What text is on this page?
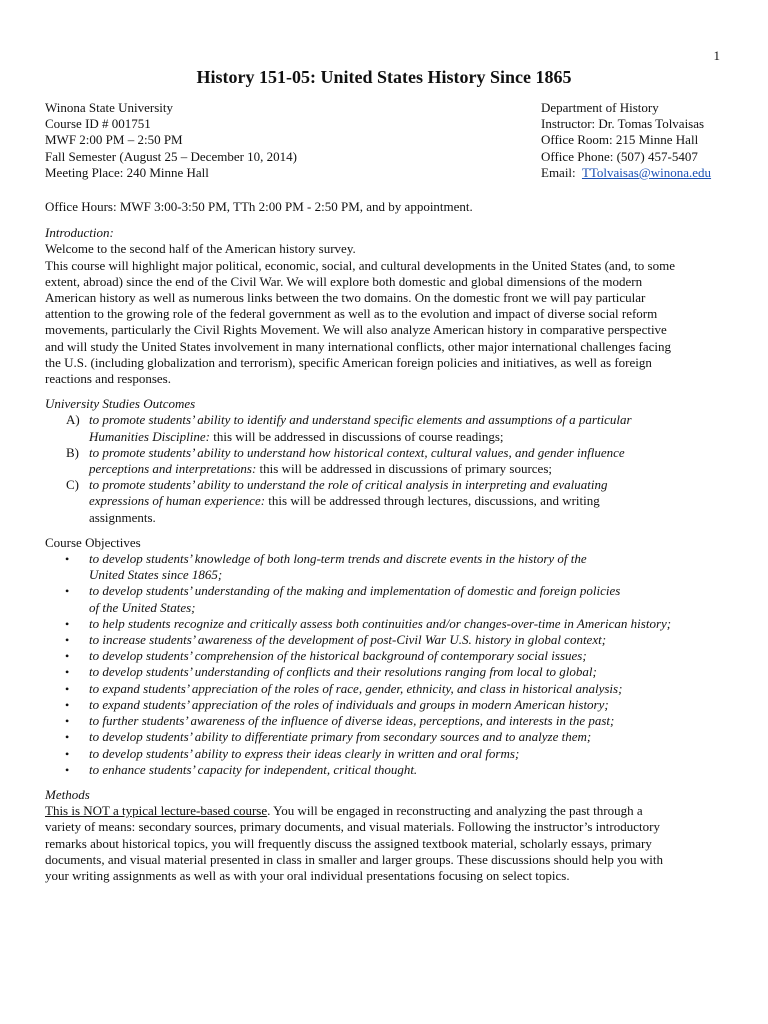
1
History 151-05: United States History Since 1865
Winona State University
Course ID # 001751
MWF 2:00 PM – 2:50 PM
Fall Semester (August 25 – December 10, 2014)
Meeting Place: 240 Minne Hall
Department of History
Instructor: Dr. Tomas Tolvaisas
Office Room: 215 Minne Hall
Office Phone: (507) 457-5407
Email: TTolvaisas@winona.edu

Office Hours: MWF 3:00-3:50 PM, TTh 2:00 PM - 2:50 PM, and by appointment.

Introduction:
Welcome to the second half of the American history survey.
This course will highlight major political, economic, social, and cultural developments in the United States (and, to some
extent, abroad) since the end of the Civil War. We will explore both domestic and global dimensions of the modern
American history as well as numerous links between the two domains. On the domestic front we will pay particular
attention to the growing role of the federal government as well as to the evolution and impact of diverse social reform
movements, particularly the Civil Rights Movement. We will also analyze American history in comparative perspective
and will study the United States involvement in many international conflicts, other major international challenges facing
the U.S. (including globalization and terrorism), specific American foreign policies and initiatives, as well as foreign
reactions and responses.
University Studies Outcomes
A) to promote students’ ability to identify and understand specific elements and assumptions of a particular
Humanities Discipline: this will be addressed in discussions of course readings;
B) to promote students’ ability to understand how historical context, cultural values, and gender influence
perceptions and interpretations: this will be addressed in discussions of primary sources;
C) to promote students’ ability to understand the role of critical analysis in interpreting and evaluating
expressions of human experience: this will be addressed through lectures, discussions, and writing
assignments.
Course Objectives
• to develop students’ knowledge of both long-term trends and discrete events in the history of the
United States since 1865;
• to develop students’ understanding of the making and implementation of domestic and foreign policies
of the United States;
• to help students recognize and critically assess both continuities and/or changes-over-time in American history;
• to increase students’ awareness of the development of post-Civil War U.S. history in global context;
• to develop students’ comprehension of the historical background of contemporary social issues;
• to develop students’ understanding of conflicts and their resolutions ranging from local to global;
• to expand students’ appreciation of the roles of race, gender, ethnicity, and class in historical analysis;
• to expand students’ appreciation of the roles of individuals and groups in modern American history;
• to further students’ awareness of the influence of diverse ideas, perceptions, and interests in the past;
• to develop students’ ability to differentiate primary from secondary sources and to analyze them;
• to develop students’ ability to express their ideas clearly in written and oral forms;
• to enhance students’ capacity for independent, critical thought.
Methods
This is NOT a typical lecture-based course. You will be engaged in reconstructing and analyzing the past through a
variety of means: secondary sources, primary documents, and visual materials. Following the instructor’s introductory
remarks about historical topics, you will frequently discuss the assigned textbook material, scholarly essays, primary
documents, and visual material presented in class in smaller and larger groups. These discussions should help you with
your writing assignments as well as with your oral individual presentations focusing on select topics.
